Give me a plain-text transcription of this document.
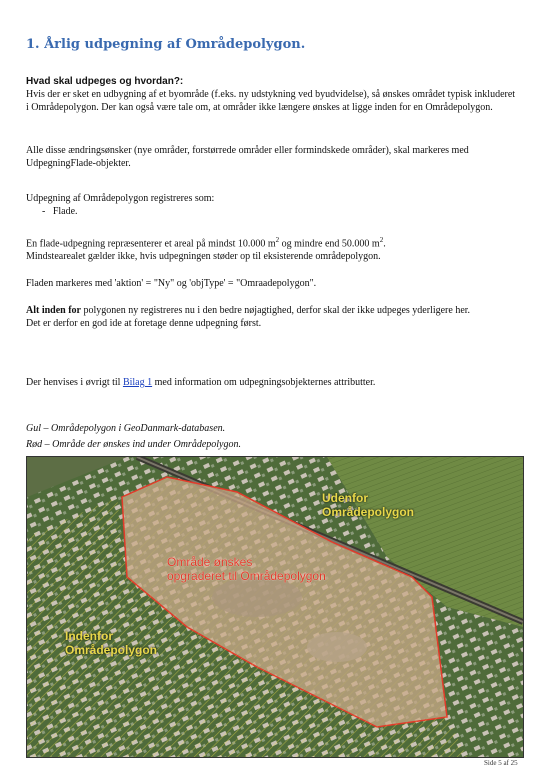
1. Årlig udpegning af Områdepolygon.
Hvad skal udpeges og hvordan?:
Hvis der er sket en udbygning af et byområde (f.eks. ny udstykning ved byudvidelse), så ønskes området typisk inkluderet i Områdepolygon. Der kan også være tale om, at områder ikke længere ønskes at ligge inden for en Områdepolygon.
Alle disse ændringsønsker (nye områder, forstørrede områder eller formindskede områder), skal markeres med UdpegningFlade-objekter.
Udpegning af Områdepolygon registreres som:
-   Flade.
En flade-udpegning repræsenterer et areal på mindst 10.000 $m^2$ og mindre end 50.000 $m^2$.
Mindstearealet gælder ikke, hvis udpegningen støder op til eksisterende områdepolygon.
Fladen markeres med 'aktion' = "Ny" og 'objType' = "Omraadepolygon".
Alt inden for polygonen ny registreres nu i den bedre nøjagtighed, derfor skal der ikke udpeges yderligere her.
Det er derfor en god ide at foretage denne udpegning først.
Der henvises i øvrigt til Bilag 1 med information om udpegningsobjekternes attributter.
Gul – Områdepolygon i GeoDanmark-databasen.
Rød – Område der ønskes ind under Områdepolygon.
Udenfor
Områdepolygon
Indenfor
Områdepolygon
Område ønskes
opgraderet til Områdepolygon
Side 5 af 25
